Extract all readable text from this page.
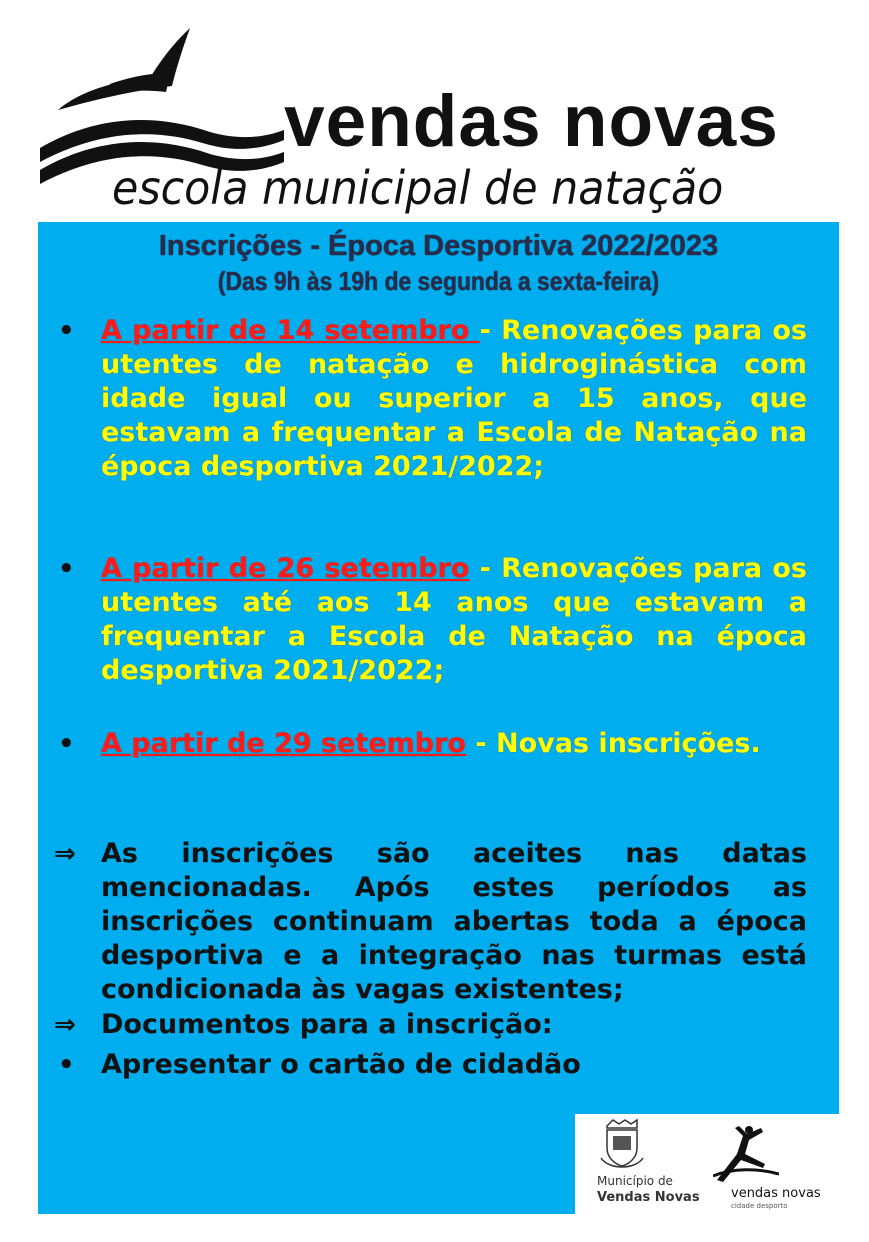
vendas novas
escola municipal de natação
Inscrições - Época Desportiva 2022/2023
(Das 9h às 19h de segunda a sexta-feira)
• A partir de 14 setembro - Renovações para os utentes de natação e hidroginástica com idade igual ou superior a 15 anos, que estavam a frequentar a Escola de Natação na época desportiva 2021/2022;
• A partir de 26 setembro - Renovações para os utentes até aos 14 anos que estavam a frequentar a Escola de Natação na época desportiva 2021/2022;
• A partir de 29 setembro - Novas inscrições.
⇒ As inscrições são aceites nas datas mencionadas. Após estes períodos as inscrições continuam abertas toda a época desportiva e a integração nas turmas está condicionada às vagas existentes;
⇒ Documentos para a inscrição:
• Apresentar o cartão de cidadão
Município de
Vendas Novas vendas novas
cidade desporto
